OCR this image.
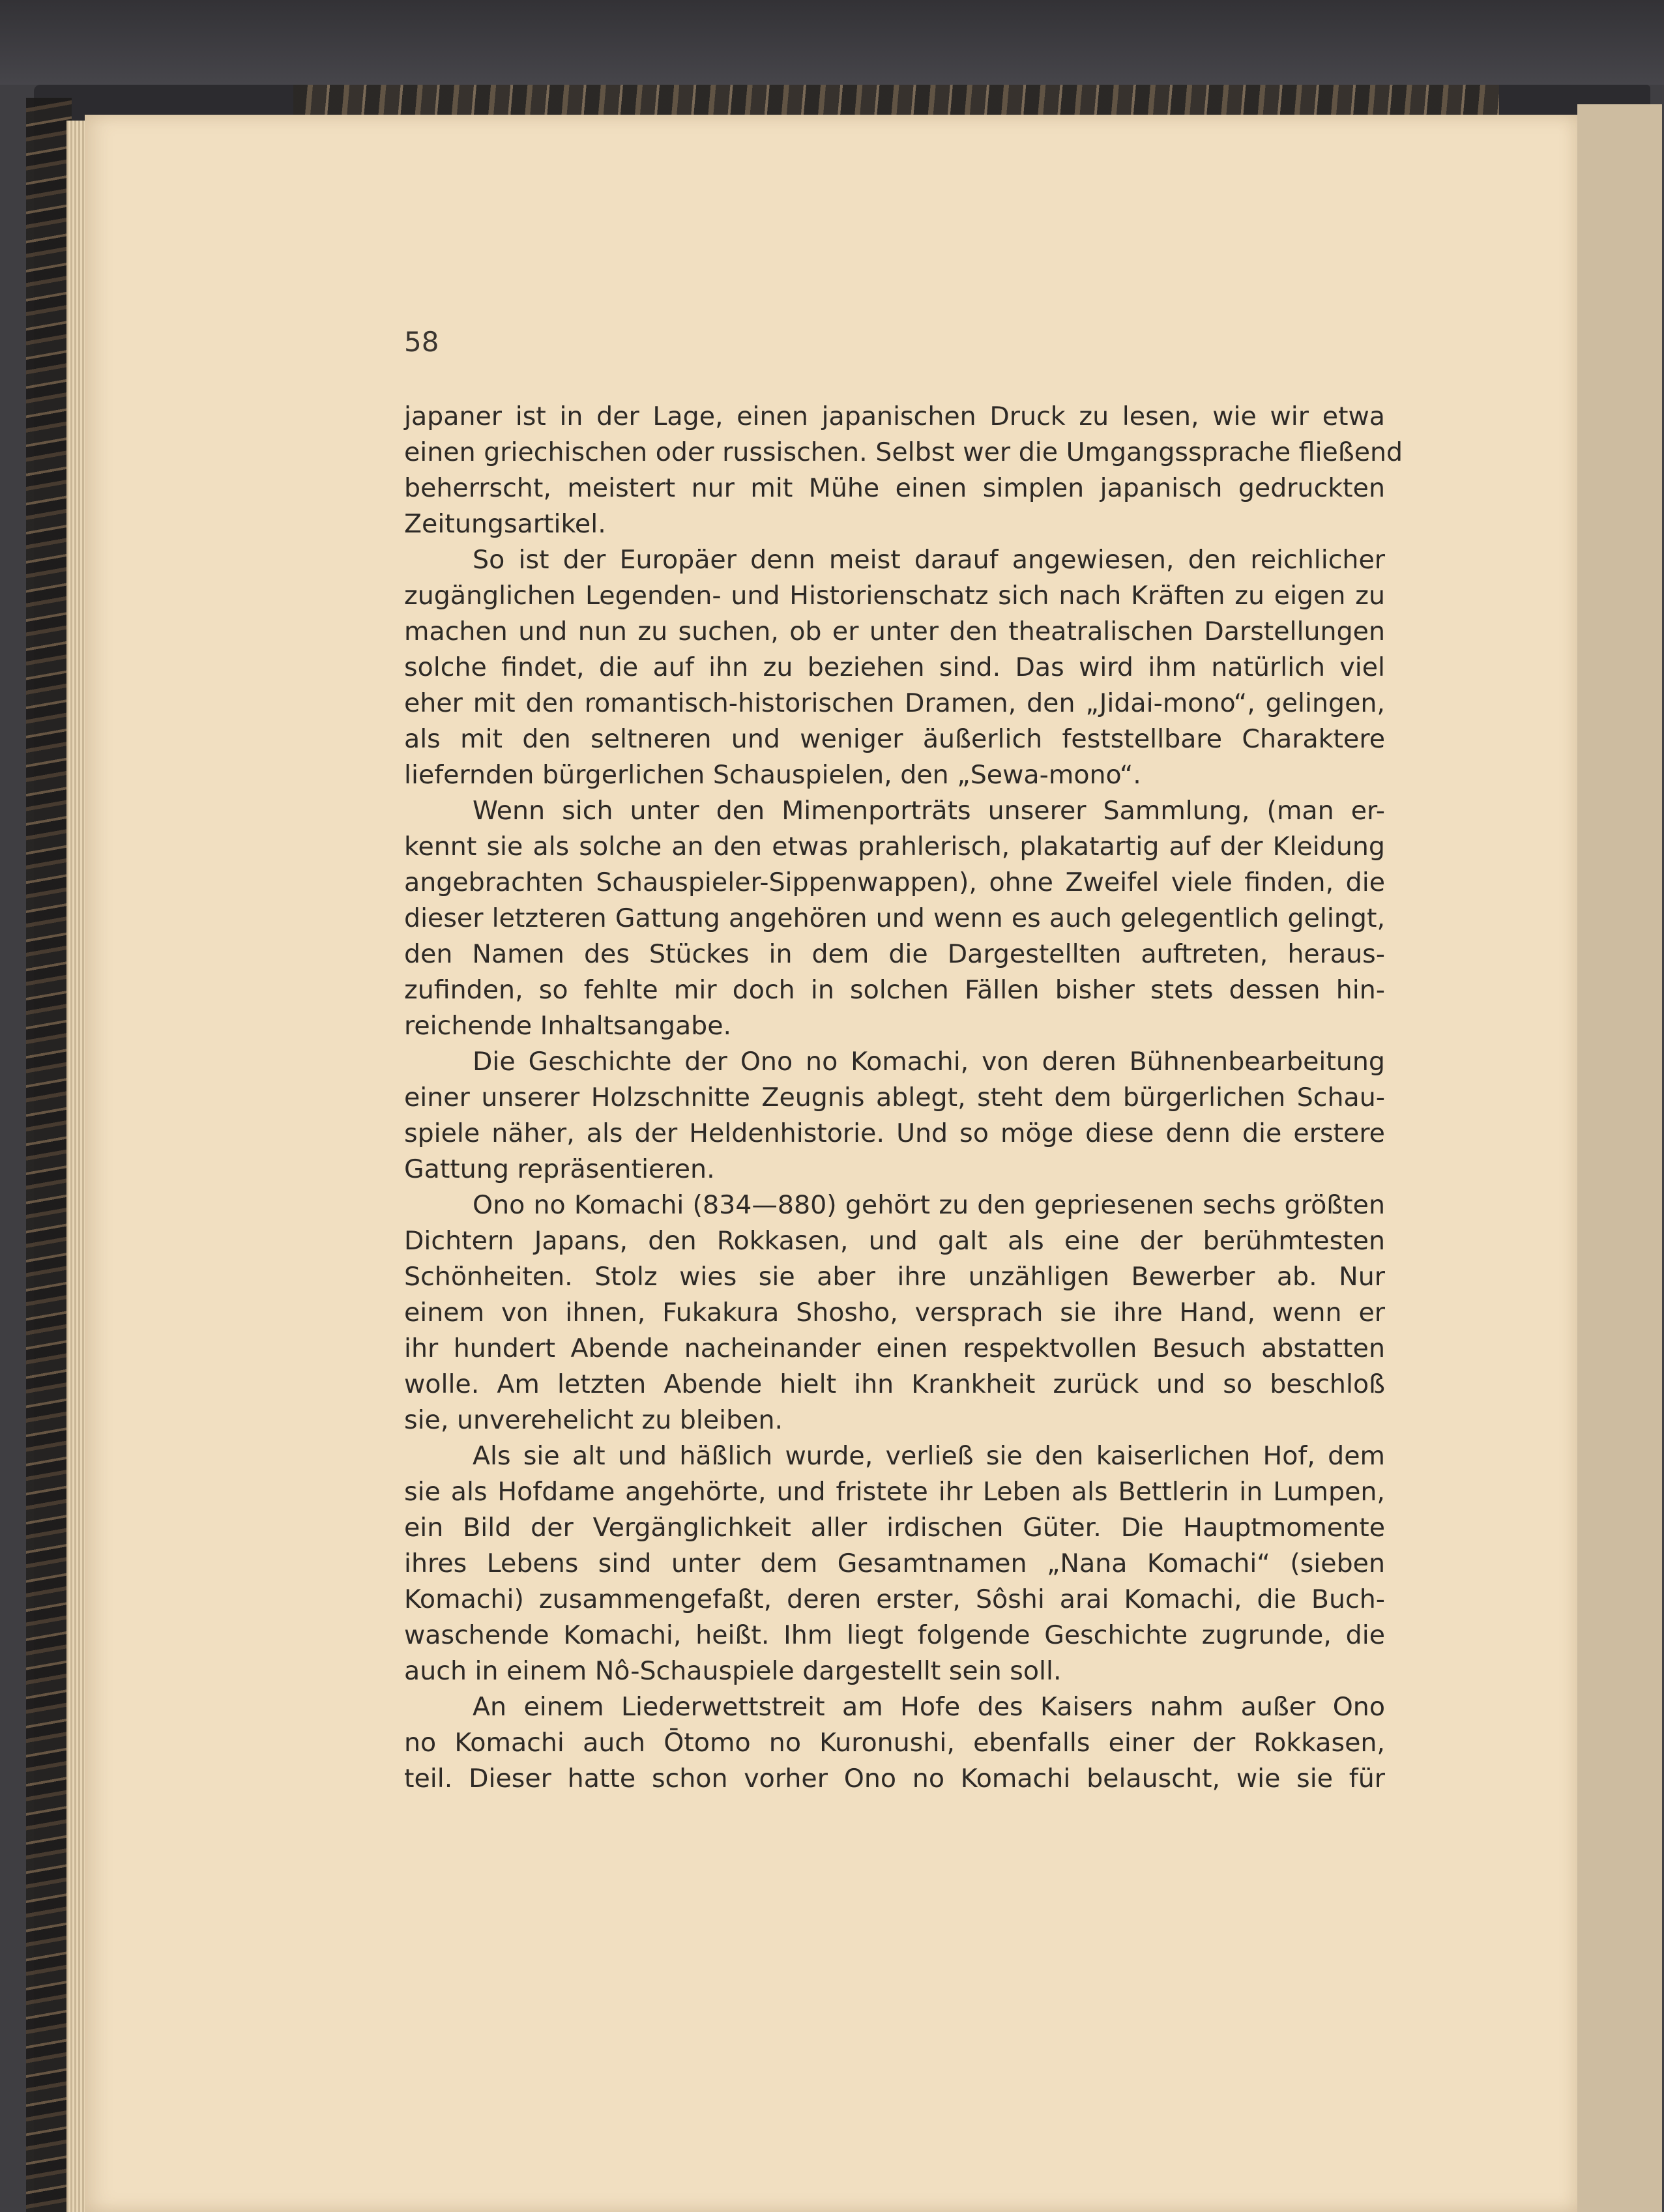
58
japaner ist in der Lage, einen japanischen Druck zu lesen, wie wir etwa
einen griechischen oder russischen. Selbst wer die Umgangssprache fließend
beherrscht, meistert nur mit Mühe einen simplen japanisch gedruckten
Zeitungsartikel.
So ist der Europäer denn meist darauf angewiesen, den reichlicher
zugänglichen Legenden- und Historienschatz sich nach Kräften zu eigen zu
machen und nun zu suchen, ob er unter den theatralischen Darstellungen
solche findet, die auf ihn zu beziehen sind. Das wird ihm natürlich viel
eher mit den romantisch-historischen Dramen, den „Jidai-mono“, gelingen,
als mit den seltneren und weniger äußerlich feststellbare Charaktere
liefernden bürgerlichen Schauspielen, den „Sewa-mono“.
Wenn sich unter den Mimenporträts unserer Sammlung, (man er-
kennt sie als solche an den etwas prahlerisch, plakatartig auf der Kleidung
angebrachten Schauspieler-Sippenwappen), ohne Zweifel viele finden, die
dieser letzteren Gattung angehören und wenn es auch gelegentlich gelingt,
den Namen des Stückes in dem die Dargestellten auftreten, heraus-
zufinden, so fehlte mir doch in solchen Fällen bisher stets dessen hin-
reichende Inhaltsangabe.
Die Geschichte der Ono no Komachi, von deren Bühnenbearbeitung
einer unserer Holzschnitte Zeugnis ablegt, steht dem bürgerlichen Schau-
spiele näher, als der Heldenhistorie. Und so möge diese denn die erstere
Gattung repräsentieren.
Ono no Komachi (834—880) gehört zu den gepriesenen sechs größten
Dichtern Japans, den Rokkasen, und galt als eine der berühmtesten
Schönheiten. Stolz wies sie aber ihre unzähligen Bewerber ab. Nur
einem von ihnen, Fukakura Shosho, versprach sie ihre Hand, wenn er
ihr hundert Abende nacheinander einen respektvollen Besuch abstatten
wolle. Am letzten Abende hielt ihn Krankheit zurück und so beschloß
sie, unverehelicht zu bleiben.
Als sie alt und häßlich wurde, verließ sie den kaiserlichen Hof, dem
sie als Hofdame angehörte, und fristete ihr Leben als Bettlerin in Lumpen,
ein Bild der Vergänglichkeit aller irdischen Güter. Die Hauptmomente
ihres Lebens sind unter dem Gesamtnamen „Nana Komachi“ (sieben
Komachi) zusammengefaßt, deren erster, Sôshi arai Komachi, die Buch-
waschende Komachi, heißt. Ihm liegt folgende Geschichte zugrunde, die
auch in einem Nô-Schauspiele dargestellt sein soll.
An einem Liederwettstreit am Hofe des Kaisers nahm außer Ono
no Komachi auch Ōtomo no Kuronushi, ebenfalls einer der Rokkasen,
teil. Dieser hatte schon vorher Ono no Komachi belauscht, wie sie für
